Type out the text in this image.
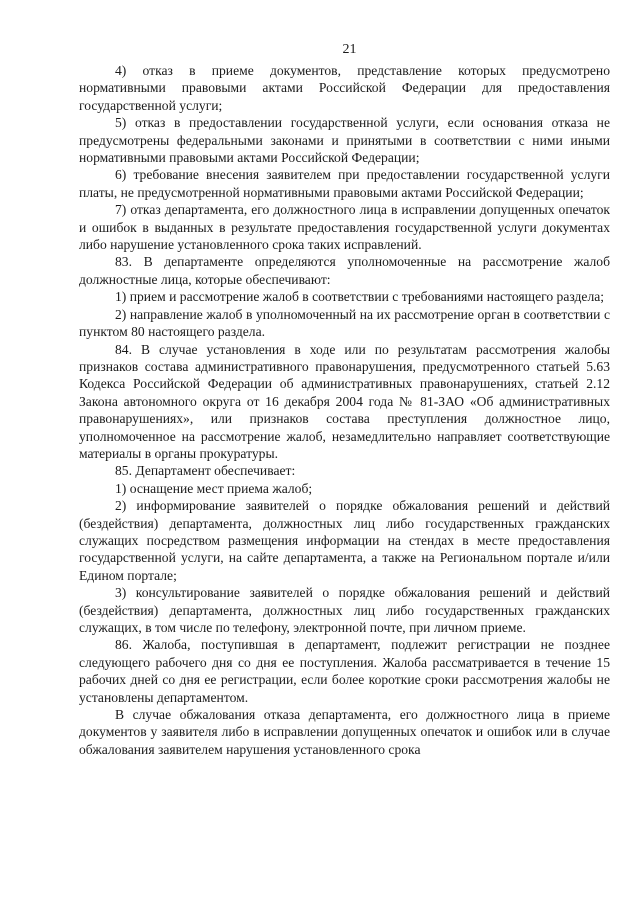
21

4) отказ в приеме документов, представление которых предусмотрено нормативными правовыми актами Российской Федерации для предоставления государственной услуги;

5) отказ в предоставлении государственной услуги, если основания отказа не предусмотрены федеральными законами и принятыми в соответствии с ними иными нормативными правовыми актами Российской Федерации;

6) требование внесения заявителем при предоставлении государственной услуги платы, не предусмотренной нормативными правовыми актами Российской Федерации;

7) отказ департамента, его должностного лица в исправлении допущенных опечаток и ошибок в выданных в результате предоставления государственной услуги документах либо нарушение установленного срока таких исправлений.

83. В департаменте определяются уполномоченные на рассмотрение жалоб должностные лица, которые обеспечивают:

1) прием и рассмотрение жалоб в соответствии с требованиями настоящего раздела;

2) направление жалоб в уполномоченный на их рассмотрение орган в соответствии с пунктом 80 настоящего раздела.

84. В случае установления в ходе или по результатам рассмотрения жалобы признаков состава административного правонарушения, предусмотренного статьей 5.63 Кодекса Российской Федерации об административных правонарушениях, статьей 2.12 Закона автономного округа от 16 декабря 2004 года № 81-ЗАО «Об административных правонарушениях», или признаков состава преступления должностное лицо, уполномоченное на рассмотрение жалоб, незамедлительно направляет соответствующие материалы в органы прокуратуры.

85. Департамент обеспечивает:

1) оснащение мест приема жалоб;

2) информирование заявителей о порядке обжалования решений и действий (бездействия) департамента, должностных лиц либо государственных гражданских служащих посредством размещения информации на стендах в месте предоставления государственной услуги, на сайте департамента, а также на Региональном портале и/или Едином портале;

3) консультирование заявителей о порядке обжалования решений и действий (бездействия) департамента, должностных лиц либо государственных гражданских служащих, в том числе по телефону, электронной почте, при личном приеме.

86. Жалоба, поступившая в департамент, подлежит регистрации не позднее следующего рабочего дня со дня ее поступления. Жалоба рассматривается в течение 15 рабочих дней со дня ее регистрации, если более короткие сроки рассмотрения жалобы не установлены департаментом.

В случае обжалования отказа департамента, его должностного лица в приеме документов у заявителя либо в исправлении допущенных опечаток и ошибок или в случае обжалования заявителем нарушения установленного срока
